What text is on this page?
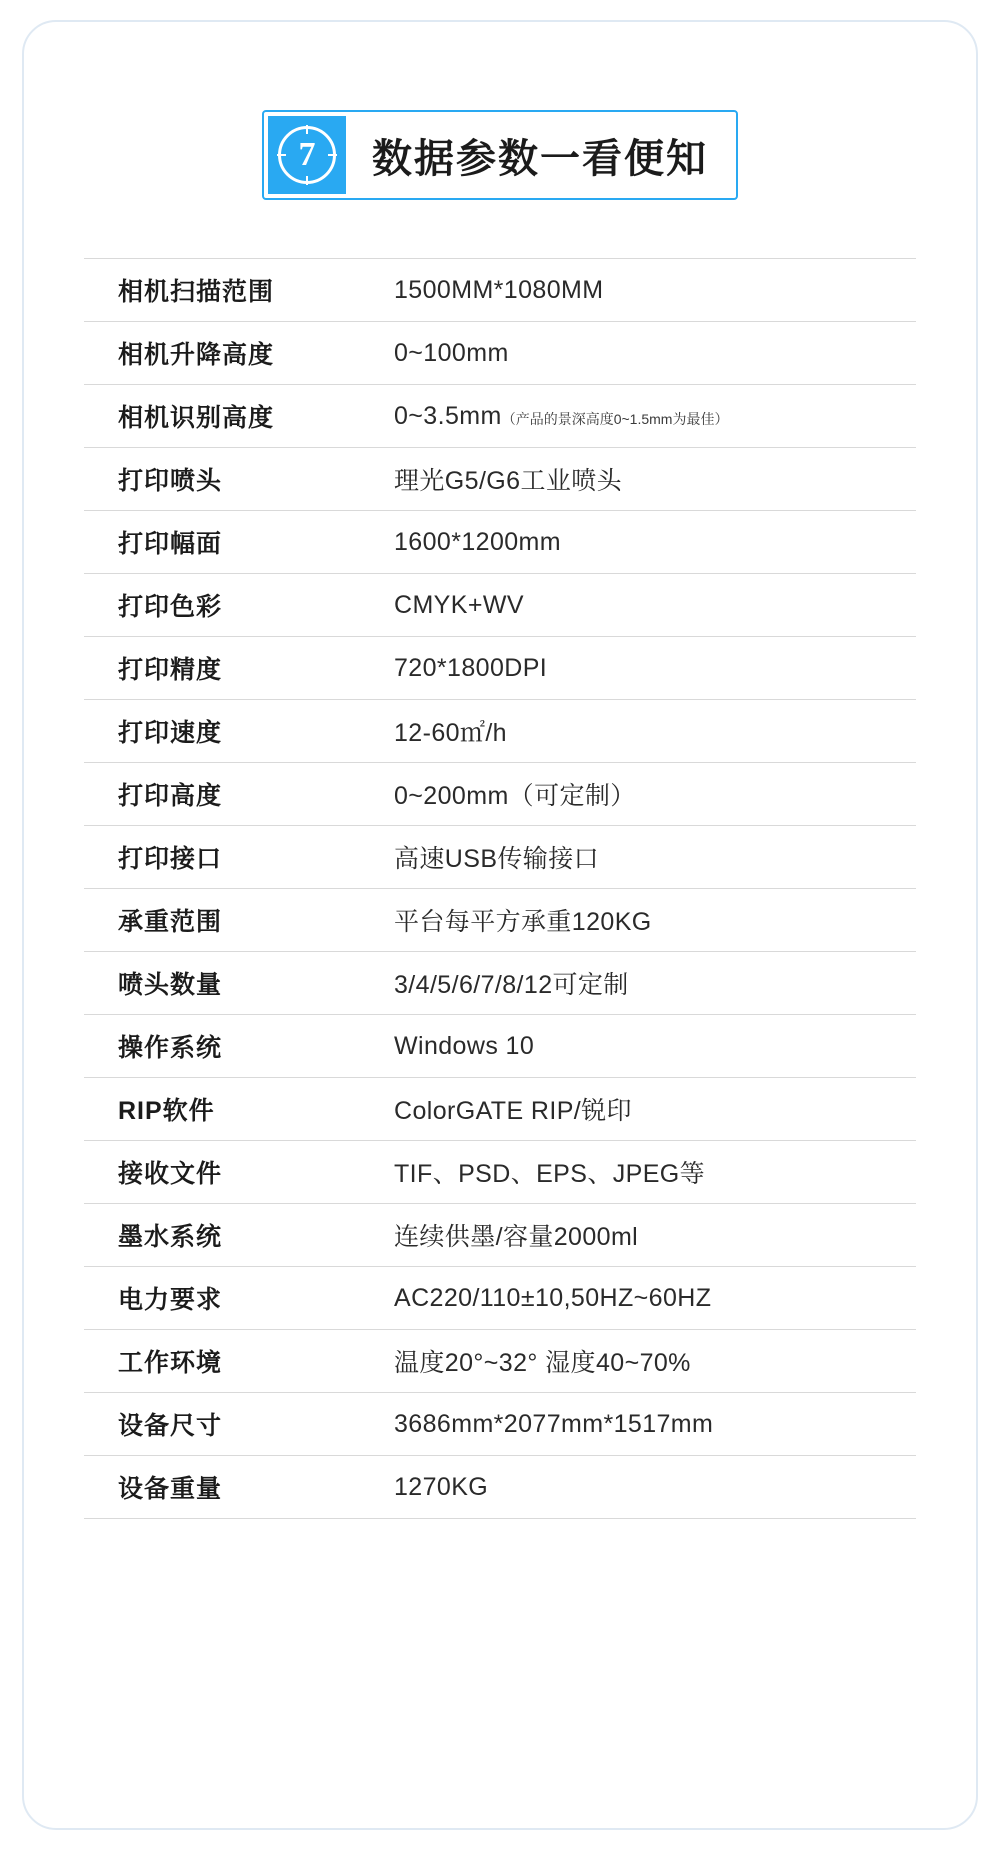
7	数据参数一看便知
相机扫描范围	1500MM*1080MM
相机升降高度	0~100mm
相机识别高度	0~3.5mm（产品的景深高度0~1.5mm为最佳）
打印喷头	理光G5/G6工业喷头
打印幅面	1600*1200mm
打印色彩	CMYK+WV
打印精度	720*1800DPI
打印速度	12-60㎡/h
打印高度	0~200mm（可定制）
打印接口	高速USB传输接口
承重范围	平台每平方承重120KG
喷头数量	3/4/5/6/7/8/12可定制
操作系统	Windows 10
RIP软件	ColorGATE RIP/锐印
接收文件	TIF、PSD、EPS、JPEG等
墨水系统	连续供墨/容量2000ml
电力要求	AC220/110±10,50HZ~60HZ
工作环境	温度20°~32° 湿度40~70%
设备尺寸	3686mm*2077mm*1517mm
设备重量	1270KG
